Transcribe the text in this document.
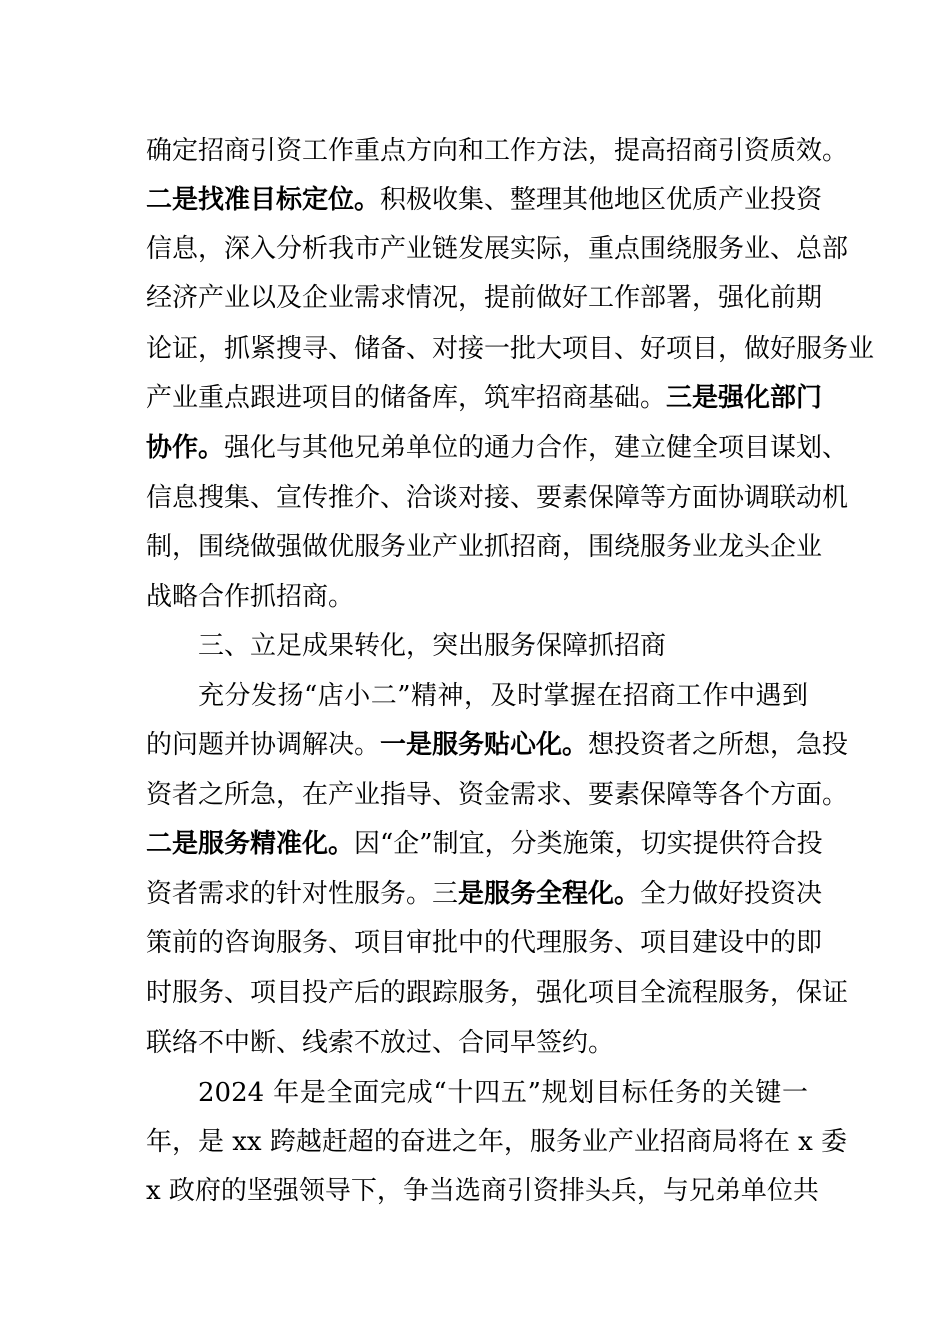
确定招商引资工作重点方向和工作方法，提高招商引资质效。
二是找准目标定位。积极收集、整理其他地区优质产业投资
信息，深入分析我市产业链发展实际，重点围绕服务业、总部
经济产业以及企业需求情况，提前做好工作部署，强化前期
论证，抓紧搜寻、储备、对接一批大项目、好项目，做好服务业
产业重点跟进项目的储备库，筑牢招商基础。三是强化部门
协作。强化与其他兄弟单位的通力合作，建立健全项目谋划、
信息搜集、宣传推介、洽谈对接、要素保障等方面协调联动机
制，围绕做强做优服务业产业抓招商，围绕服务业龙头企业
战略合作抓招商。
三、立足成果转化，突出服务保障抓招商
充分发扬“店小二”精神，及时掌握在招商工作中遇到
的问题并协调解决。一是服务贴心化。想投资者之所想，急投
资者之所急，在产业指导、资金需求、要素保障等各个方面。
二是服务精准化。因“企”制宜，分类施策，切实提供符合投
资者需求的针对性服务。三是服务全程化。全力做好投资决
策前的咨询服务、项目审批中的代理服务、项目建设中的即
时服务、项目投产后的跟踪服务，强化项目全流程服务，保证
联络不中断、线索不放过、合同早签约。
2024 年是全面完成“十四五”规划目标任务的关键一
年，是 xx 跨越赶超的奋进之年，服务业产业招商局将在 x 委
x 政府的坚强领导下，争当选商引资排头兵，与兄弟单位共
